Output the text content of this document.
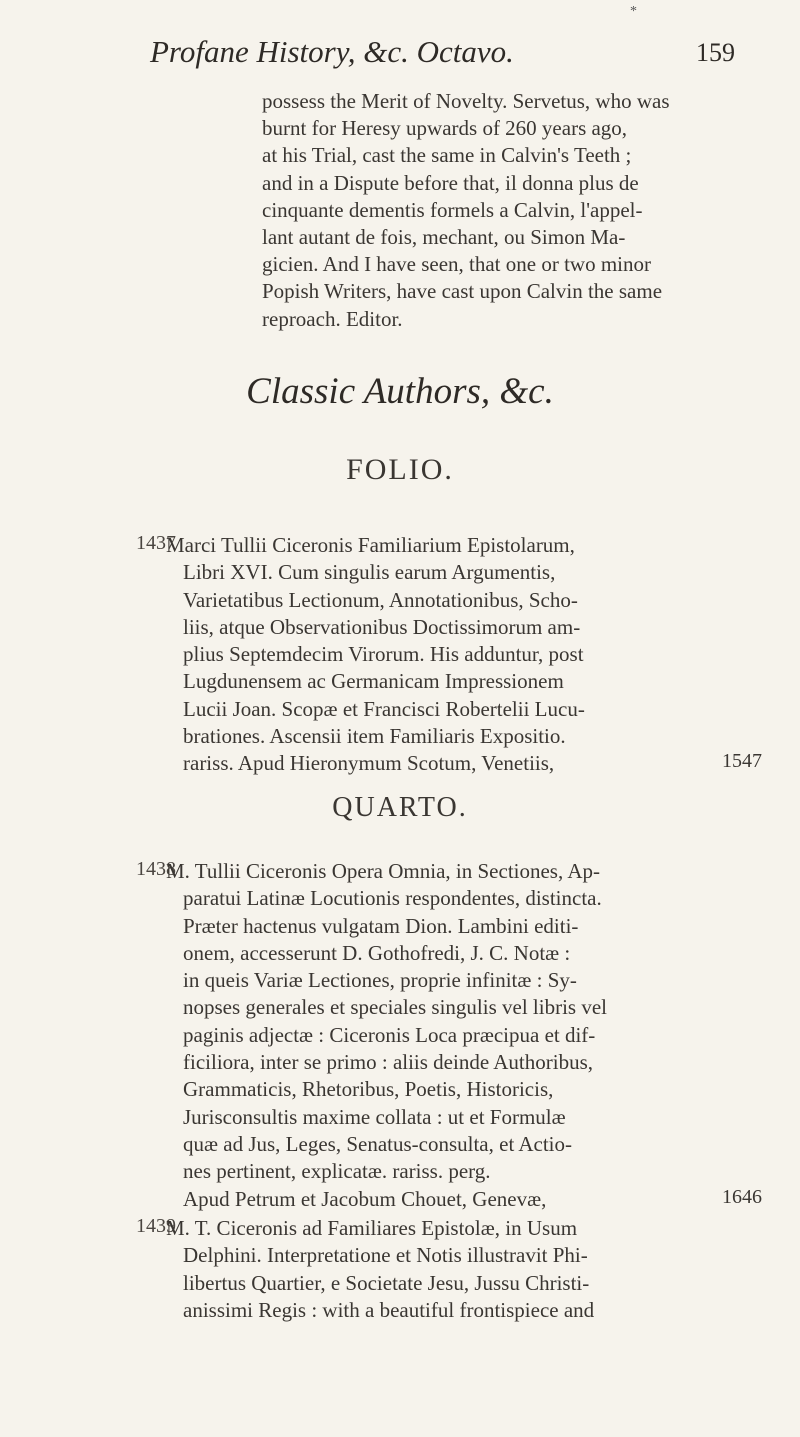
*
Profane History, &c. Octavo.	159
possess the Merit of Novelty. Servetus, who was
burnt for Heresy upwards of 260 years ago,
at his Trial, cast the same in Calvin's Teeth ;
and in a Dispute before that, il donna plus de
cinquante dementis formels a Calvin, l'appel-
lant autant de fois, mechant, ou Simon Ma-
gicien. And I have seen, that one or two minor
Popish Writers, have cast upon Calvin the same
reproach. Editor.
Classic Authors, &c.
FOLIO.
1437
Marci Tullii Ciceronis Familiarium Epistolarum,
Libri XVI. Cum singulis earum Argumentis,
Varietatibus Lectionum, Annotationibus, Scho-
liis, atque Observationibus Doctissimorum am-
plius Septemdecim Virorum. His adduntur, post
Lugdunensem ac Germanicam Impressionem
Lucii Joan. Scopæ et Francisci Robertelii Lucu-
brationes. Ascensii item Familiaris Expositio.
rariss. Apud Hieronymum Scotum, Venetiis,	1547
QUARTO.
1438
M. Tullii Ciceronis Opera Omnia, in Sectiones, Ap-
paratui Latinæ Locutionis respondentes, distincta.
Præter hactenus vulgatam Dion. Lambini editi-
onem, accesserunt D. Gothofredi, J. C. Notæ :
in queis Variæ Lectiones, proprie infinitæ : Sy-
nopses generales et speciales singulis vel libris vel
paginis adjectæ : Ciceronis Loca præcipua et dif-
ficiliora, inter se primo : aliis deinde Authoribus,
Grammaticis, Rhetoribus, Poetis, Historicis,
Jurisconsultis maxime collata : ut et Formulæ
quæ ad Jus, Leges, Senatus-consulta, et Actio-
nes pertinent, explicatæ. rariss. perg.
Apud Petrum et Jacobum Chouet, Genevæ,	1646
1439
M. T. Ciceronis ad Familiares Epistolæ, in Usum
Delphini. Interpretatione et Notis illustravit Phi-
libertus Quartier, e Societate Jesu, Jussu Christi-
anissimi Regis : with a beautiful frontispiece and
